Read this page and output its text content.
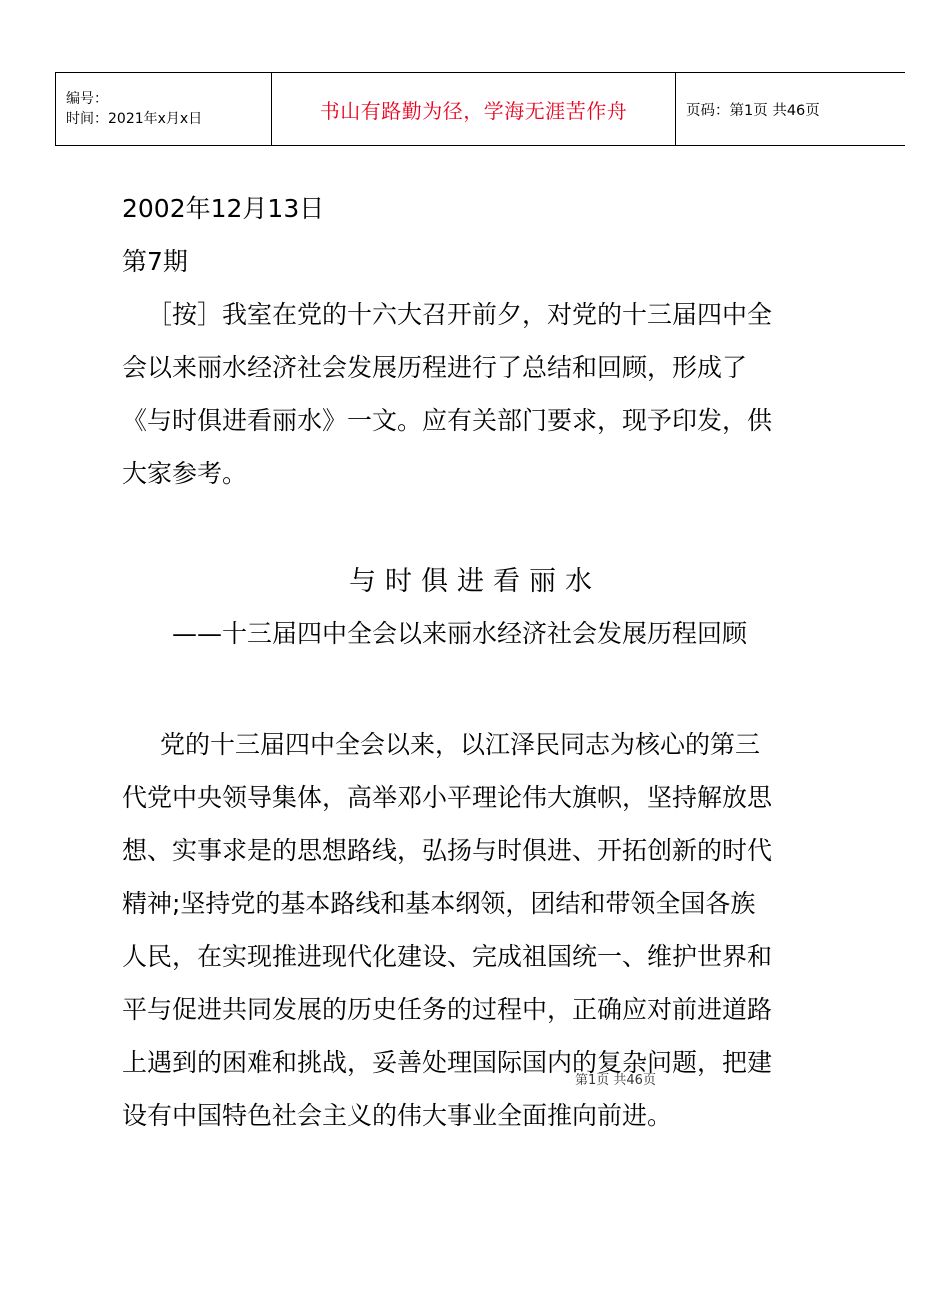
编号：
时间：2021年x月x日	书山有路勤为径，学海无涯苦作舟	页码：第1页 共46页
2002年12月13日
第7期
［按］我室在党的十六大召开前夕，对党的十三届四中全
会以来丽水经济社会发展历程进行了总结和回顾，形成了
《与时俱进看丽水》一文。应有关部门要求，现予印发，供
大家参考。
与时俱进看丽水
——十三届四中全会以来丽水经济社会发展历程回顾
党的十三届四中全会以来，以江泽民同志为核心的第三
代党中央领导集体，高举邓小平理论伟大旗帜，坚持解放思
想、实事求是的思想路线，弘扬与时俱进、开拓创新的时代
精神;坚持党的基本路线和基本纲领，团结和带领全国各族
人民，在实现推进现代化建设、完成祖国统一、维护世界和
平与促进共同发展的历史任务的过程中，正确应对前进道路
上遇到的困难和挑战，妥善处理国际国内的复杂问题，把建
设有中国特色社会主义的伟大事业全面推向前进。
第1页 共46页
